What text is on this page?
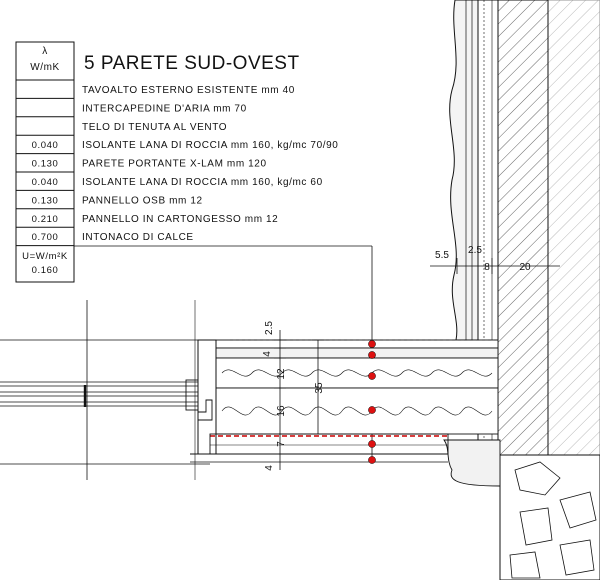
λ
W/mK 5 PARETE SUD-OVEST
TAVOALTO ESTERNO ESISTENTE mm 40
INTERCAPEDINE D'ARIA mm 70
TELO DI TENUTA AL VENTO
0.040 ISOLANTE LANA DI ROCCIA mm 160, kg/mc 70/90
0.130 PARETE PORTANTE X-LAM mm 120
0.040 ISOLANTE LANA DI ROCCIA mm 160, kg/mc 60
0.130 PANNELLO OSB mm 12
0.210 PANNELLO IN CARTONGESSO mm 12
0.700 INTONACO DI CALCE
U=W/m²K
0.160
5.5 2.5
8	20
2.5
4
12
35
16
7
4
